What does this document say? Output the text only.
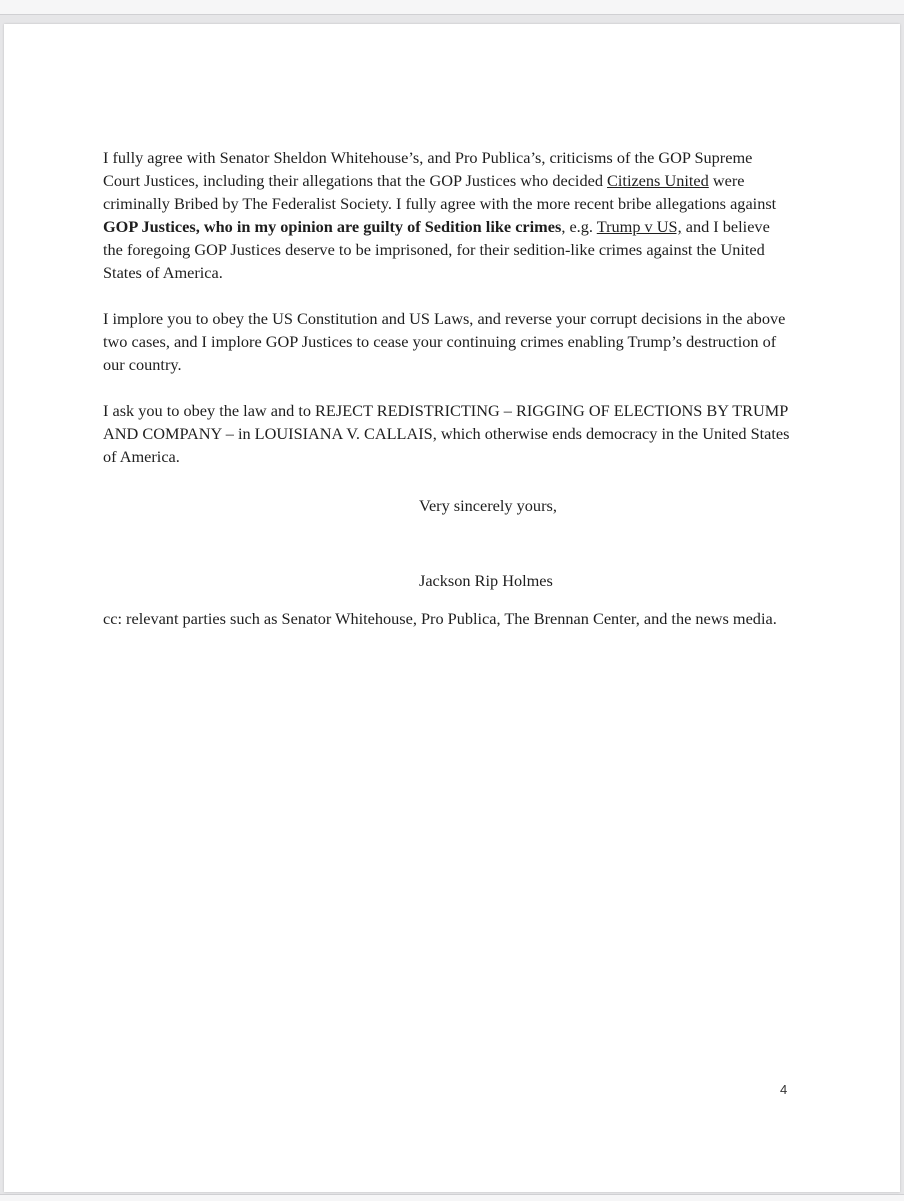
I fully agree with Senator Sheldon Whitehouse’s, and Pro Publica’s, criticisms of the GOP Supreme Court Justices, including their allegations that the GOP Justices who decided Citizens United were criminally Bribed by The Federalist Society. I fully agree with the more recent bribe allegations against GOP Justices, who in my opinion are guilty of Sedition like crimes, e.g. Trump v US, and I believe the foregoing GOP Justices deserve to be imprisoned, for their sedition-like crimes against the United States of America.

I implore you to obey the US Constitution and US Laws, and reverse your corrupt decisions in the above two cases, and I implore GOP Justices to cease your continuing crimes enabling Trump’s destruction of our country.

I ask you to obey the law and to REJECT REDISTRICTING – RIGGING OF ELECTIONS BY TRUMP AND COMPANY – in LOUISIANA V. CALLAIS, which otherwise ends democracy in the United States of America.

Very sincerely yours,
Jackson Rip Holmes
cc: relevant parties such as Senator Whitehouse, Pro Publica, The Brennan Center, and the news media.
4
